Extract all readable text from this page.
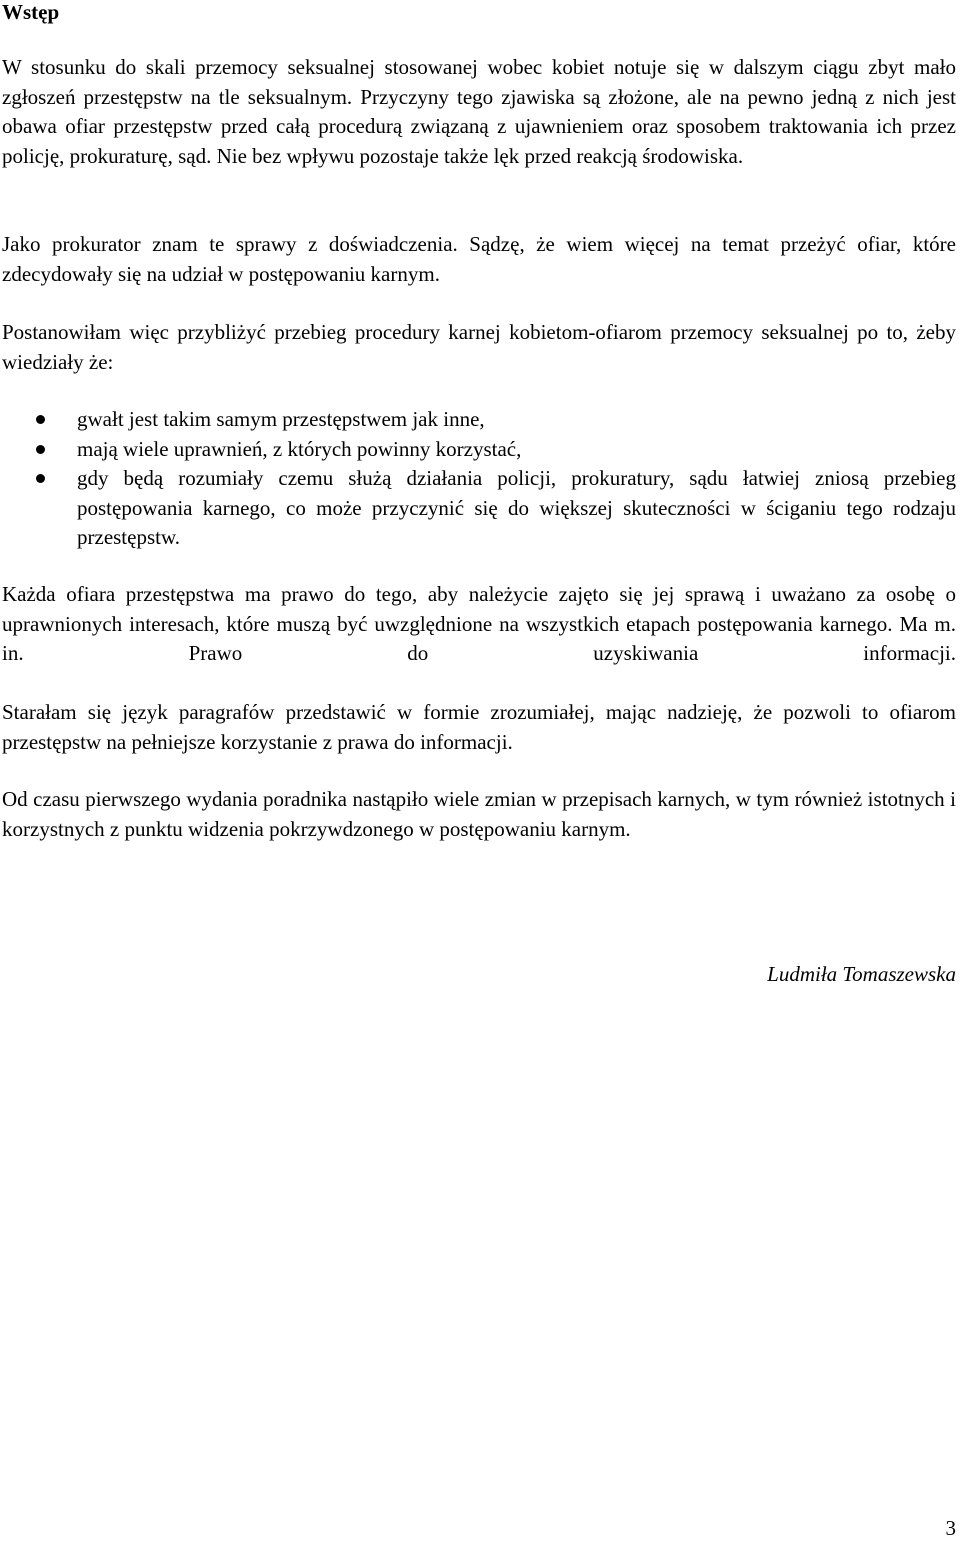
Wstęp

W stosunku do skali przemocy seksualnej stosowanej wobec kobiet notuje się w dalszym ciągu zbyt mało zgłoszeń przestępstw na tle seksualnym. Przyczyny tego zjawiska są złożone, ale na pewno jedną z nich jest obawa ofiar przestępstw przed całą procedurą związaną z ujawnieniem oraz sposobem traktowania ich przez policję, prokuraturę, sąd. Nie bez wpływu pozostaje także lęk przed reakcją środowiska.

Jako prokurator znam te sprawy z doświadczenia. Sądzę, że wiem więcej na temat przeżyć ofiar, które zdecydowały się na udział w postępowaniu karnym.

Postanowiłam więc przybliżyć przebieg procedury karnej kobietom-ofiarom przemocy seksualnej po to, żeby wiedziały że:

gwałt jest takim samym przestępstwem jak inne,
mają wiele uprawnień, z których powinny korzystać,
gdy będą rozumiały czemu służą działania policji, prokuratury, sądu łatwiej zniosą przebieg postępowania karnego, co może przyczynić się do większej skuteczności w ściganiu tego rodzaju przestępstw.

Każda ofiara przestępstwa ma prawo do tego, aby należycie zajęto się jej sprawą i uważano za osobę o uprawnionych interesach, które muszą być uwzględnione na wszystkich etapach postępowania karnego. Ma m. in. Prawo do uzyskiwania informacji.

Starałam się język paragrafów przedstawić w formie zrozumiałej, mając nadzieję, że pozwoli to ofiarom przestępstw na pełniejsze korzystanie z prawa do informacji.

Od czasu pierwszego wydania poradnika nastąpiło wiele zmian w przepisach karnych, w tym również istotnych i korzystnych z punktu widzenia pokrzywdzonego w postępowaniu karnym.

Ludmiła Tomaszewska

3
